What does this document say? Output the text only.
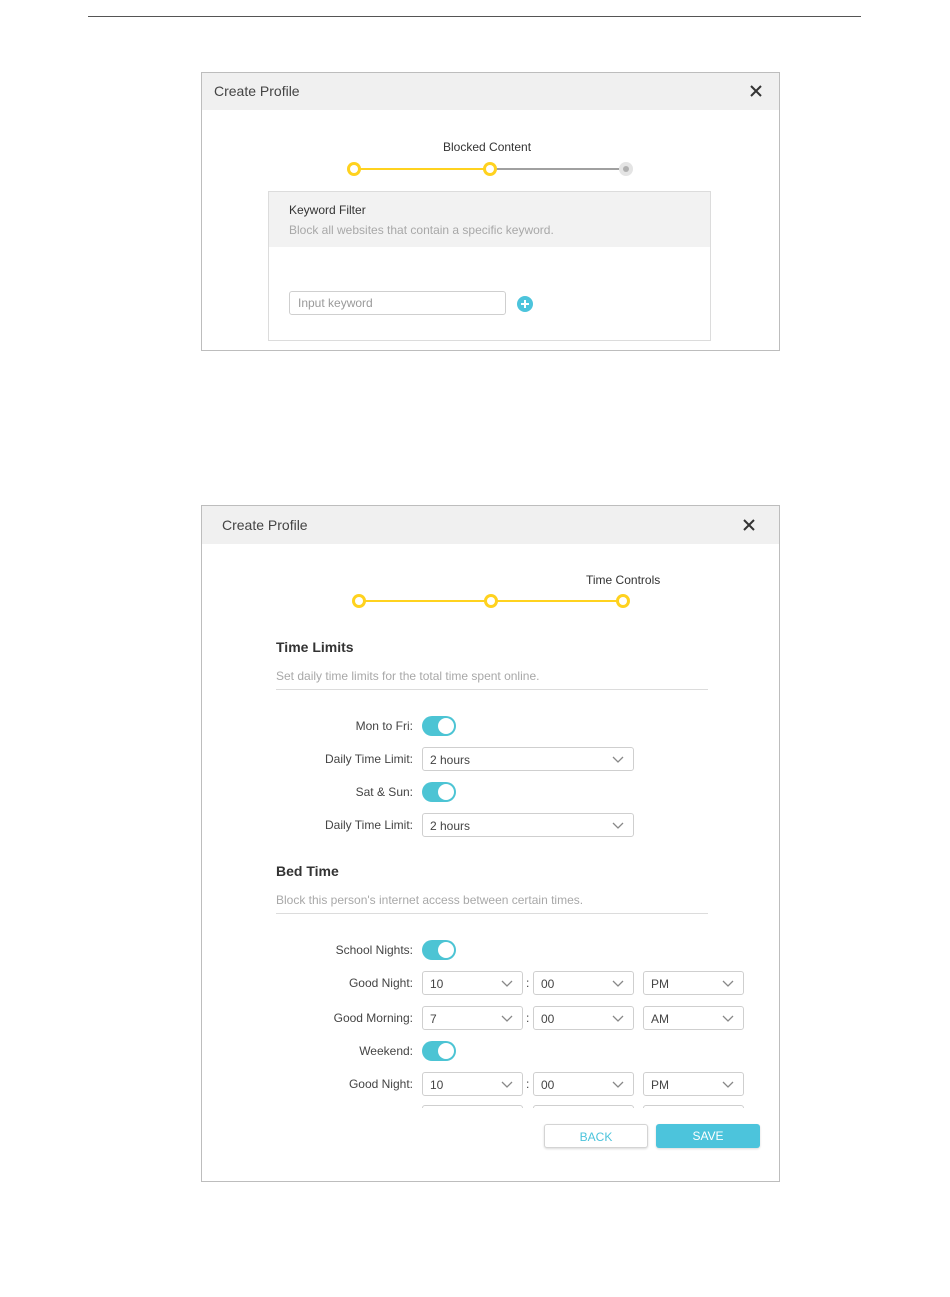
Create Profile
Blocked Content
Keyword Filter
Block all websites that contain a specific keyword.
Input keyword
Create Profile
Time Controls
Time Limits
Set daily time limits for the total time spent online.
Mon to Fri:
Daily Time Limit: 2 hours
Sat & Sun:
Daily Time Limit: 2 hours
Bed Time
Block this person's internet access between certain times.
School Nights:
Good Night: 10	: 00	PM
Good Morning: 7	: 00	AM
Weekend:
Good Night: 10	: 00	PM
BACK	SAVE
